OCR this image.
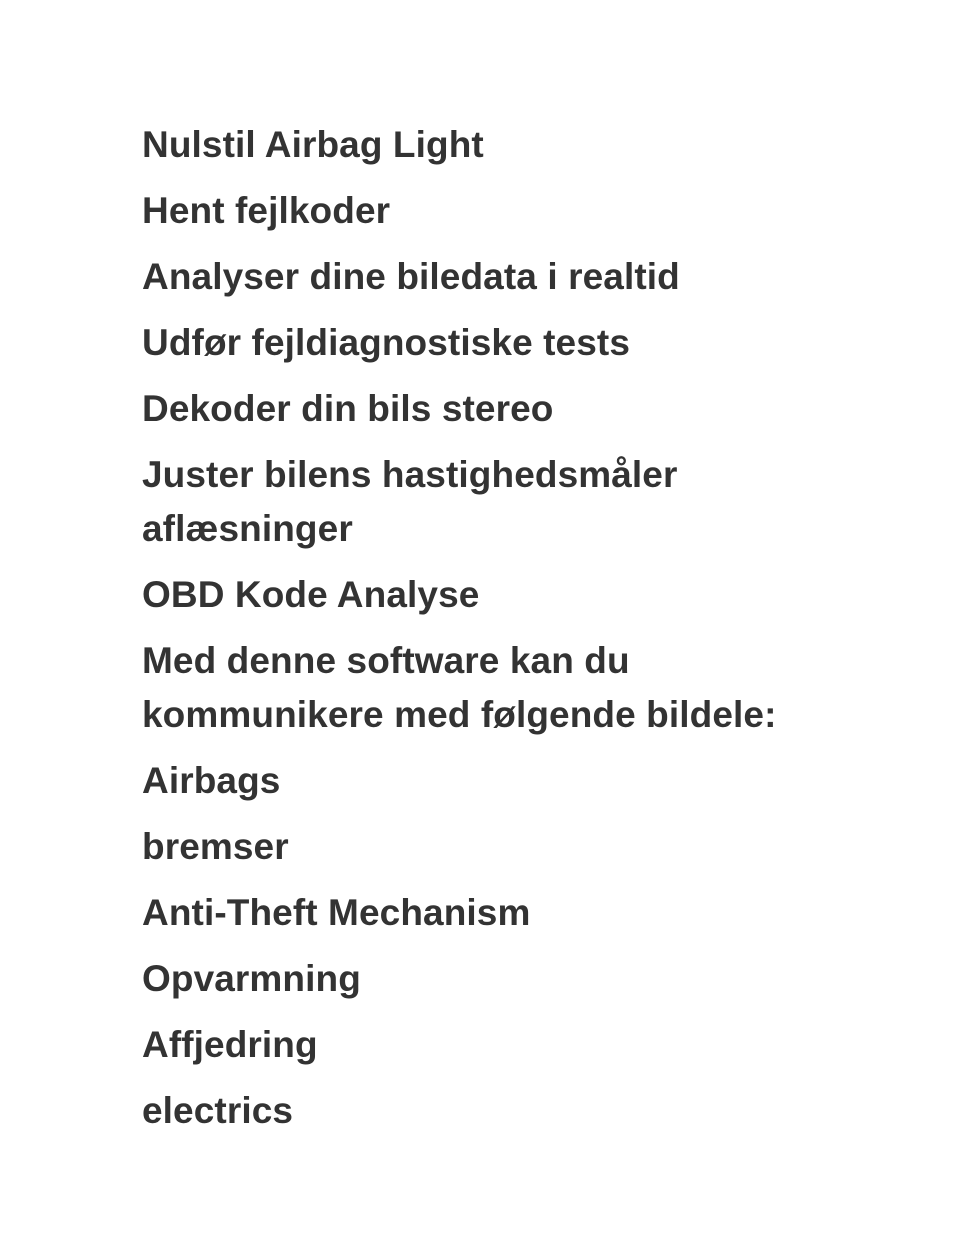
Nulstil Airbag Light

Hent fejlkoder

Analyser dine biledata i realtid

Udfør fejldiagnostiske tests

Dekoder din bils stereo

Juster bilens hastighedsmåler aflæsninger

OBD Kode Analyse

Med denne software kan du kommunikere med følgende bildele:

Airbags

bremser

Anti-Theft Mechanism

Opvarmning

Affjedring

electrics
